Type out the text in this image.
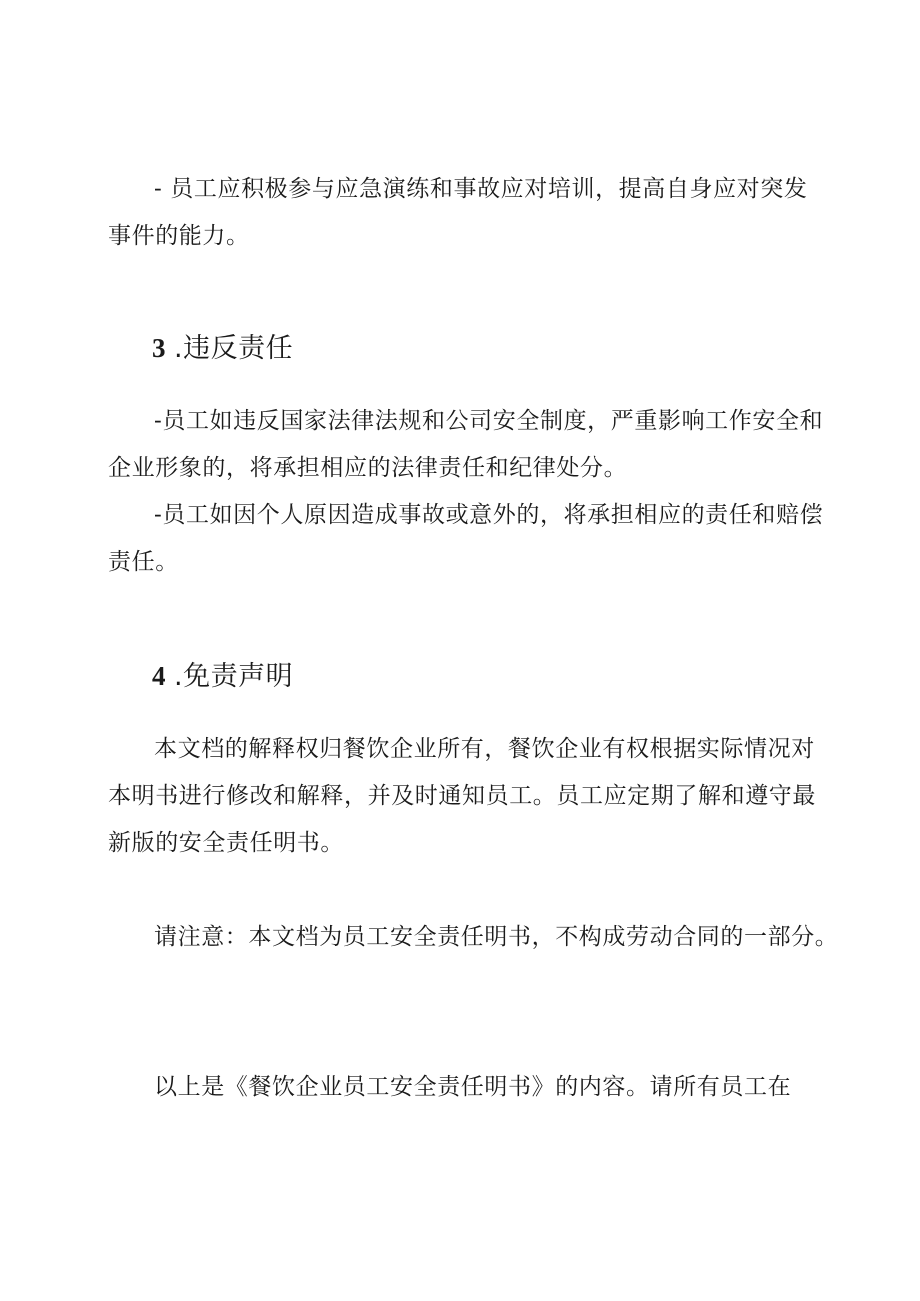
- 员工应积极参与应急演练和事故应对培训，提高自身应对突发事件的能力。

3 .违反责任

-员工如违反国家法律法规和公司安全制度，严重影响工作安全和企业形象的，将承担相应的法律责任和纪律处分。

-员工如因个人原因造成事故或意外的，将承担相应的责任和赔偿责任。

4 .免责声明

本文档的解释权归餐饮企业所有，餐饮企业有权根据实际情况对本明书进行修改和解释，并及时通知员工。员工应定期了解和遵守最新版的安全责任明书。

请注意：本文档为员工安全责任明书，不构成劳动合同的一部分。

以上是《餐饮企业员工安全责任明书》的内容。请所有员工在
